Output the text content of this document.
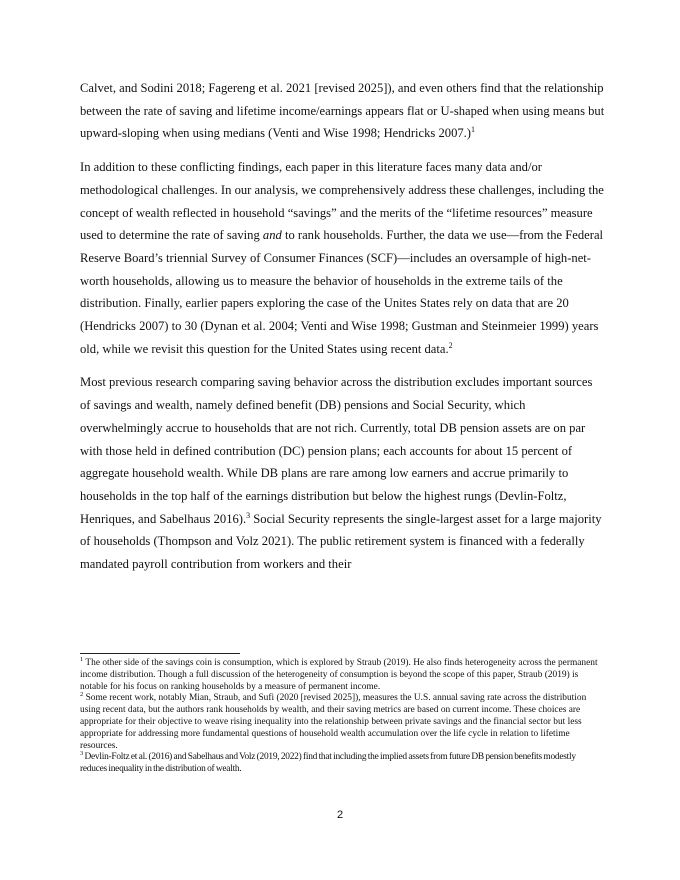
Calvet, and Sodini 2018; Fagereng et al. 2021 [revised 2025]), and even others find that the relationship between the rate of saving and lifetime income/earnings appears flat or U-shaped when using means but upward-sloping when using medians (Venti and Wise 1998; Hendricks 2007.)$^1$

In addition to these conflicting findings, each paper in this literature faces many data and/or methodological challenges. In our analysis, we comprehensively address these challenges, including the concept of wealth reflected in household “savings” and the merits of the “lifetime resources” measure used to determine the rate of saving and to rank households. Further, the data we use—from the Federal Reserve Board’s triennial Survey of Consumer Finances (SCF)—includes an oversample of high-net-worth households, allowing us to measure the behavior of households in the extreme tails of the distribution. Finally, earlier papers exploring the case of the Unites States rely on data that are 20 (Hendricks 2007) to 30 (Dynan et al. 2004; Venti and Wise 1998; Gustman and Steinmeier 1999) years old, while we revisit this question for the United States using recent data.$^2$

Most previous research comparing saving behavior across the distribution excludes important sources of savings and wealth, namely defined benefit (DB) pensions and Social Security, which overwhelmingly accrue to households that are not rich. Currently, total DB pension assets are on par with those held in defined contribution (DC) pension plans; each accounts for about 15 percent of aggregate household wealth. While DB plans are rare among low earners and accrue primarily to households in the top half of the earnings distribution but below the highest rungs (Devlin-Foltz, Henriques, and Sabelhaus 2016).$^3$ Social Security represents the single-largest asset for a large majority of households (Thompson and Volz 2021). The public retirement system is financed with a federally mandated payroll contribution from workers and their

$^1$ The other side of the savings coin is consumption, which is explored by Straub (2019). He also finds heterogeneity across the permanent income distribution. Though a full discussion of the heterogeneity of consumption is beyond the scope of this paper, Straub (2019) is notable for his focus on ranking households by a measure of permanent income.

$^2$ Some recent work, notably Mian, Straub, and Sufi (2020 [revised 2025]), measures the U.S. annual saving rate across the distribution using recent data, but the authors rank households by wealth, and their saving metrics are based on current income. These choices are appropriate for their objective to weave rising inequality into the relationship between private savings and the financial sector but less appropriate for addressing more fundamental questions of household wealth accumulation over the life cycle in relation to lifetime resources.

$^3$ Devlin-Foltz et al. (2016) and Sabelhaus and Volz (2019, 2022) find that including the implied assets from future DB pension benefits modestly reduces inequality in the distribution of wealth.

2
